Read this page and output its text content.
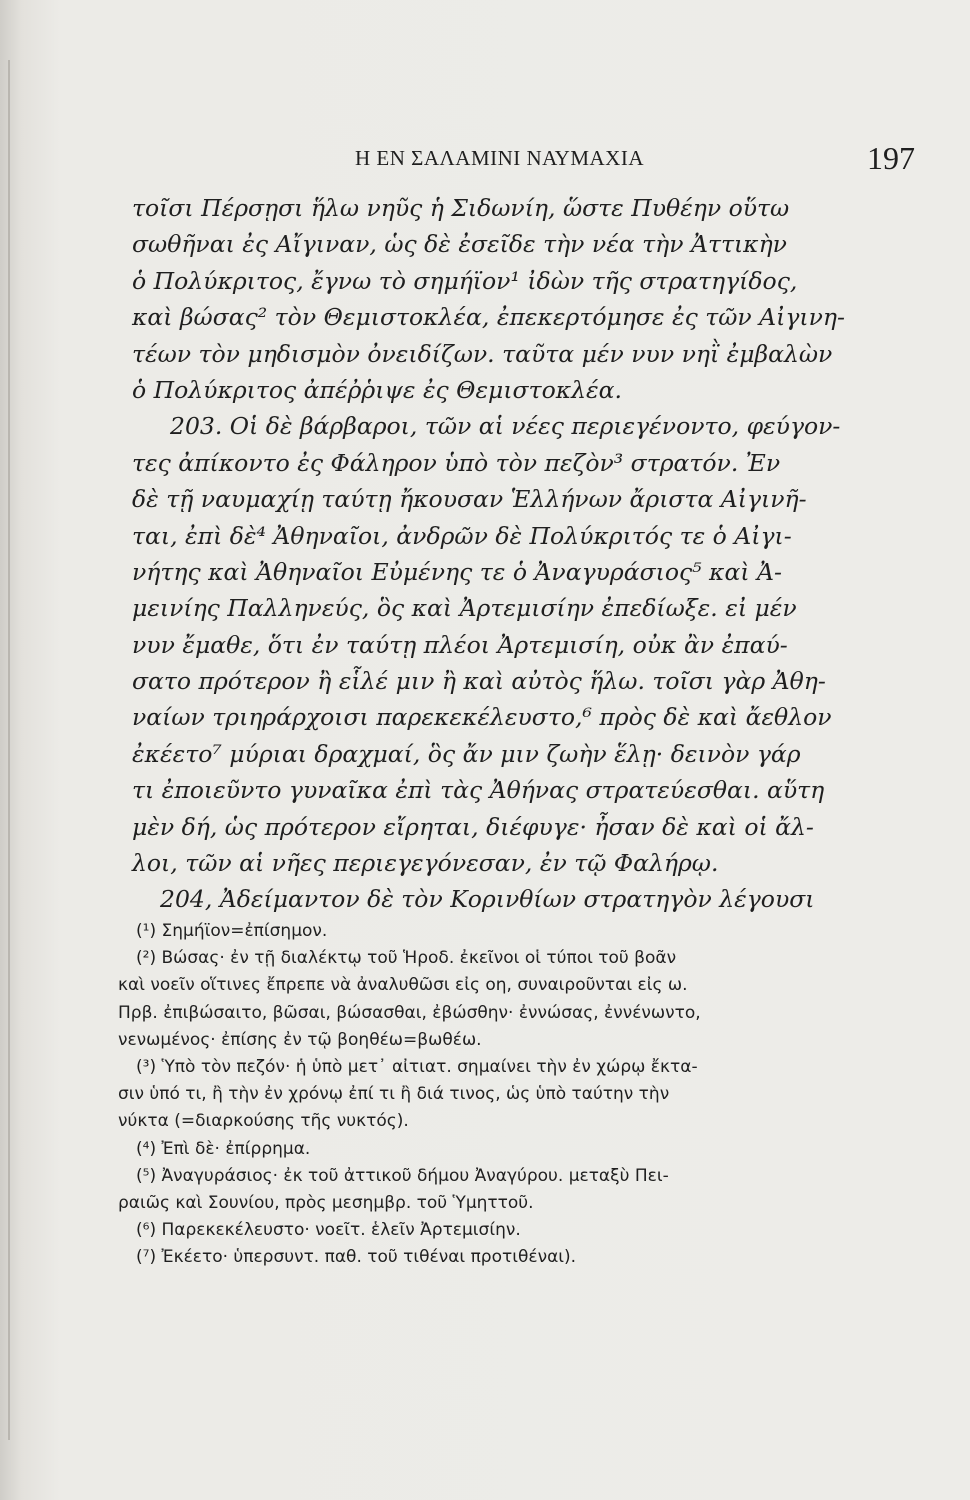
Η ΕΝ ΣΑΛΑΜΙΝΙ ΝΑΥΜΑΧΙΑ	197
τοῖσι Πέρσῃσι ἥλω νηῦς ἡ Σιδωνίη, ὥστε Πυθέην οὕτω
σωθῆναι ἐς Αἴγιναν, ὡς δὲ ἐσεῖδε τὴν νέα τὴν Ἀττικὴν
ὁ Πολύκριτος, ἔγνω τὸ σημήϊον¹ ἰδὼν τῆς στρατηγίδος,
καὶ βώσας² τὸν Θεμιστοκλέα, ἐπεκερτόμησε ἐς τῶν Αἰγινη-
τέων τὸν μηδισμὸν ὀνειδίζων. ταῦτα μέν νυν νηῒ ἐμβαλὼν
ὁ Πολύκριτος ἀπέῤῥιψε ἐς Θεμιστοκλέα.
203. Οἱ δὲ βάρβαροι, τῶν αἱ νέες περιεγένοντο, φεύγον-
τες ἀπίκοντο ἐς Φάληρον ὑπὸ τὸν πεζὸν³ στρατόν. Ἐν
δὲ τῇ ναυμαχίῃ ταύτῃ ἤκουσαν Ἑλλήνων ἄριστα Αἰγινῆ-
ται, ἐπὶ δὲ⁴ Ἀθηναῖοι, ἀνδρῶν δὲ Πολύκριτός τε ὁ Αἰγι-
νήτης καὶ Ἀθηναῖοι Εὐμένης τε ὁ Ἀναγυράσιος⁵ καὶ Ἀ-
μεινίης Παλληνεύς, ὃς καὶ Ἀρτεμισίην ἐπεδίωξε. εἰ μέν
νυν ἔμαθε, ὅτι ἐν ταύτῃ πλέοι Ἀρτεμισίη, οὐκ ἂν ἐπαύ-
σατο πρότερον ἢ εἷλέ μιν ἢ καὶ αὐτὸς ἥλω. τοῖσι γὰρ Ἀθη-
ναίων τριηράρχοισι παρεκεκέλευστο,⁶ πρὸς δὲ καὶ ἄεθλον
ἐκέετο⁷ μύριαι δραχμαί, ὃς ἄν μιν ζωὴν ἕλῃ· δεινὸν γάρ
τι ἐποιεῦντο γυναῖκα ἐπὶ τὰς Ἀθήνας στρατεύεσθαι. αὕτη
μὲν δή, ὡς πρότερον εἴρηται, διέφυγε· ἦσαν δὲ καὶ οἱ ἄλ-
λοι, τῶν αἱ νῆες περιεγεγόνεσαν, ἐν τῷ Φαλήρῳ.
204, Ἀδείμαντον δὲ τὸν Κορινθίων στρατηγὸν λέγουσι
(¹) Σημήϊον=ἐπίσημον.
(²) Βώσας· ἐν τῇ διαλέκτῳ τοῦ Ἡροδ. ἐκεῖνοι οἱ τύποι τοῦ βοᾶν
καὶ νοεῖν οἵτινες ἔπρεπε νὰ ἀναλυθῶσι εἰς οη, συναιροῦνται εἰς ω.
Πρβ. ἐπιβώσαιτο, βῶσαι, βώσασθαι, ἐβώσθην· ἐννώσας, ἐννένωντο,
νενωμένος· ἐπίσης ἐν τῷ βοηθέω=βωθέω.
(³) Ὑπὸ τὸν πεζόν· ἡ ὑπὸ μετ᾽ αἰτιατ. σημαίνει τὴν ἐν χώρῳ ἔκτα-
σιν ὑπό τι, ἢ τὴν ἐν χρόνῳ ἐπί τι ἢ διά τινος, ὡς ὑπὸ ταύτην τὴν
νύκτα (=διαρκούσης τῆς νυκτός).
(⁴) Ἐπὶ δὲ· ἐπίρρημα.
(⁵) Ἀναγυράσιος· ἐκ τοῦ ἀττικοῦ δήμου Ἀναγύρου. μεταξὺ Πει-
ραιῶς καὶ Σουνίου, πρὸς μεσημβρ. τοῦ Ὑμηττοῦ.
(⁶) Παρεκεκέλευστο· νοεῖτ. ἑλεῖν Ἀρτεμισίην.
(⁷) Ἐκέετο· ὑπερσυντ. παθ. τοῦ τιθέναι προτιθέναι).
